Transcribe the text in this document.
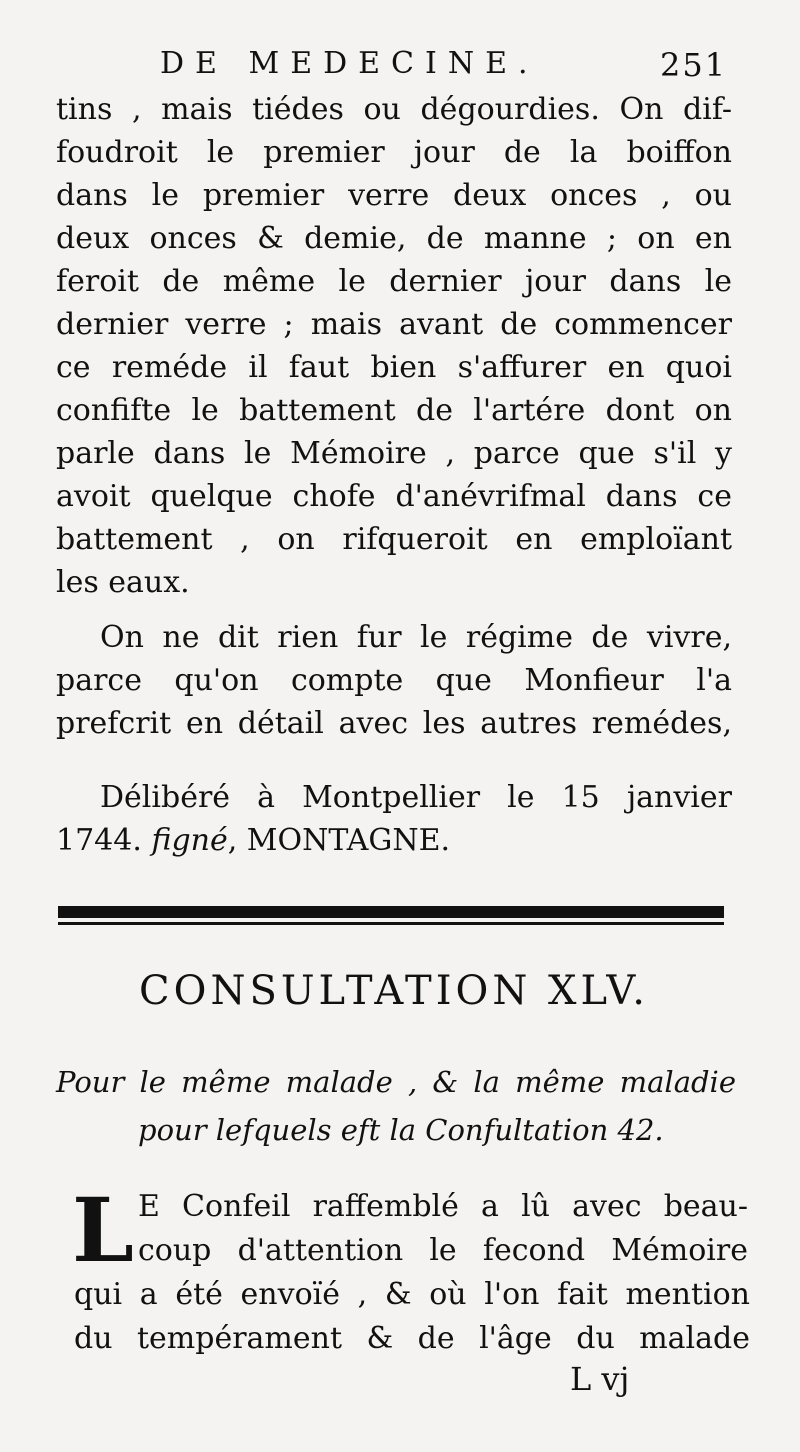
DE MEDECINE.	251
tins , mais tiédes ou dégourdies. On dif-
foudroit le premier jour de la boiffon
dans le premier verre deux onces , ou
deux onces & demie, de manne ; on en
feroit de même le dernier jour dans le
dernier verre ; mais avant de commencer
ce reméde il faut bien s'affurer en quoi
confifte le battement de l'artére dont on
parle dans le Mémoire , parce que s'il y
avoit quelque chofe d'anévrifmal dans ce
battement , on rifqueroit en emploïant
les eaux.
On ne dit rien fur le régime de vivre,
parce qu'on compte que Monfieur l'a
prefcrit en détail avec les autres remédes,
Délibéré à Montpellier le 15 janvier
1744. figné, MONTAGNE.
CONSULTATION XLV.
Pour le même malade , & la même maladie
pour lefquels eft la Confultation 42.
L E Confeil raffemblé a lû avec beau-
coup d'attention le fecond Mémoire
qui a été envoïé , & où l'on fait mention
du tempérament & de l'âge du malade
L vj
